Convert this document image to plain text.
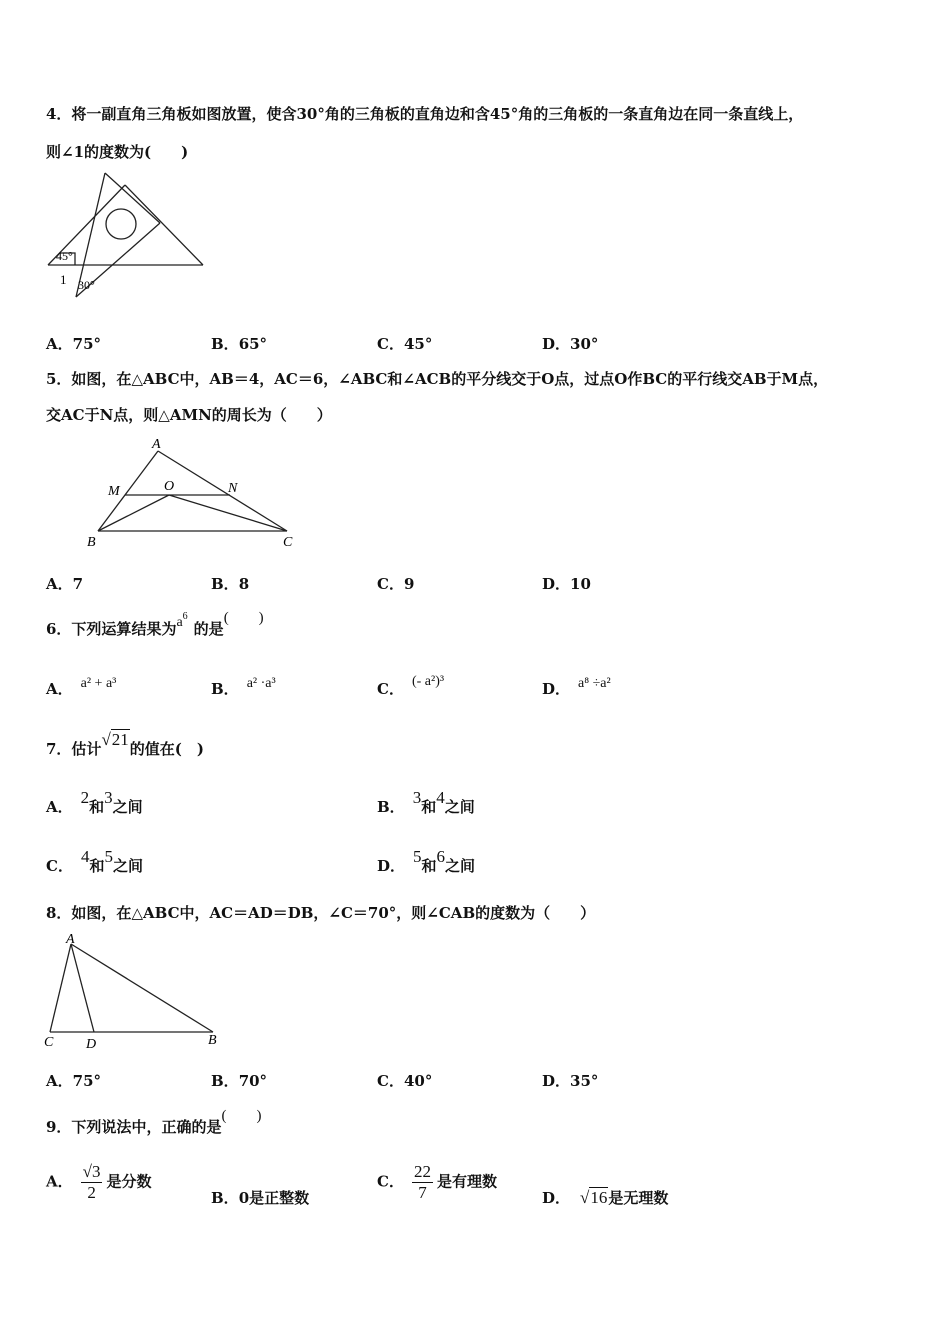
4．将一副直角三角板如图放置，使含30°角的三角板的直角边和含45°角的三角板的一条直角边在同一条直线上，
则∠1的度数为(　　)
45°
1 30°
A．75°	B．65°	C．45°	D．30°
5．如图，在△ABC中，AB＝4，AC＝6，∠ABC和∠ACB的平分线交于O点，过点O作BC的平行线交AB于M点，
交AC于N点，则△AMN的周长为（　　）
A
M	O	N
B	C
A．7	B．8	C．9	D．10
6．下列运算结果为$a^6$的是(　　)
A． a² + a³	B． a² ·a³	C． (- a²)³	D． a⁸ ÷a²
7．估计√21的值在(　)
A． 2和3之间	B． 3和4之间
C． 4和5之间	D． 5和6之间
8．如图，在△ABC中，AC＝AD＝DB，∠C＝70°，则∠CAB的度数为（　　）
A
C D	B
A．75°	B．70°	C．40°	D．35°
9．下列说法中，正确的是(　　)
A． $\frac{√3}{2}$ 是分数
B．0是正整数
C． $\frac{22}{7}$ 是有理数
D． √16是无理数
